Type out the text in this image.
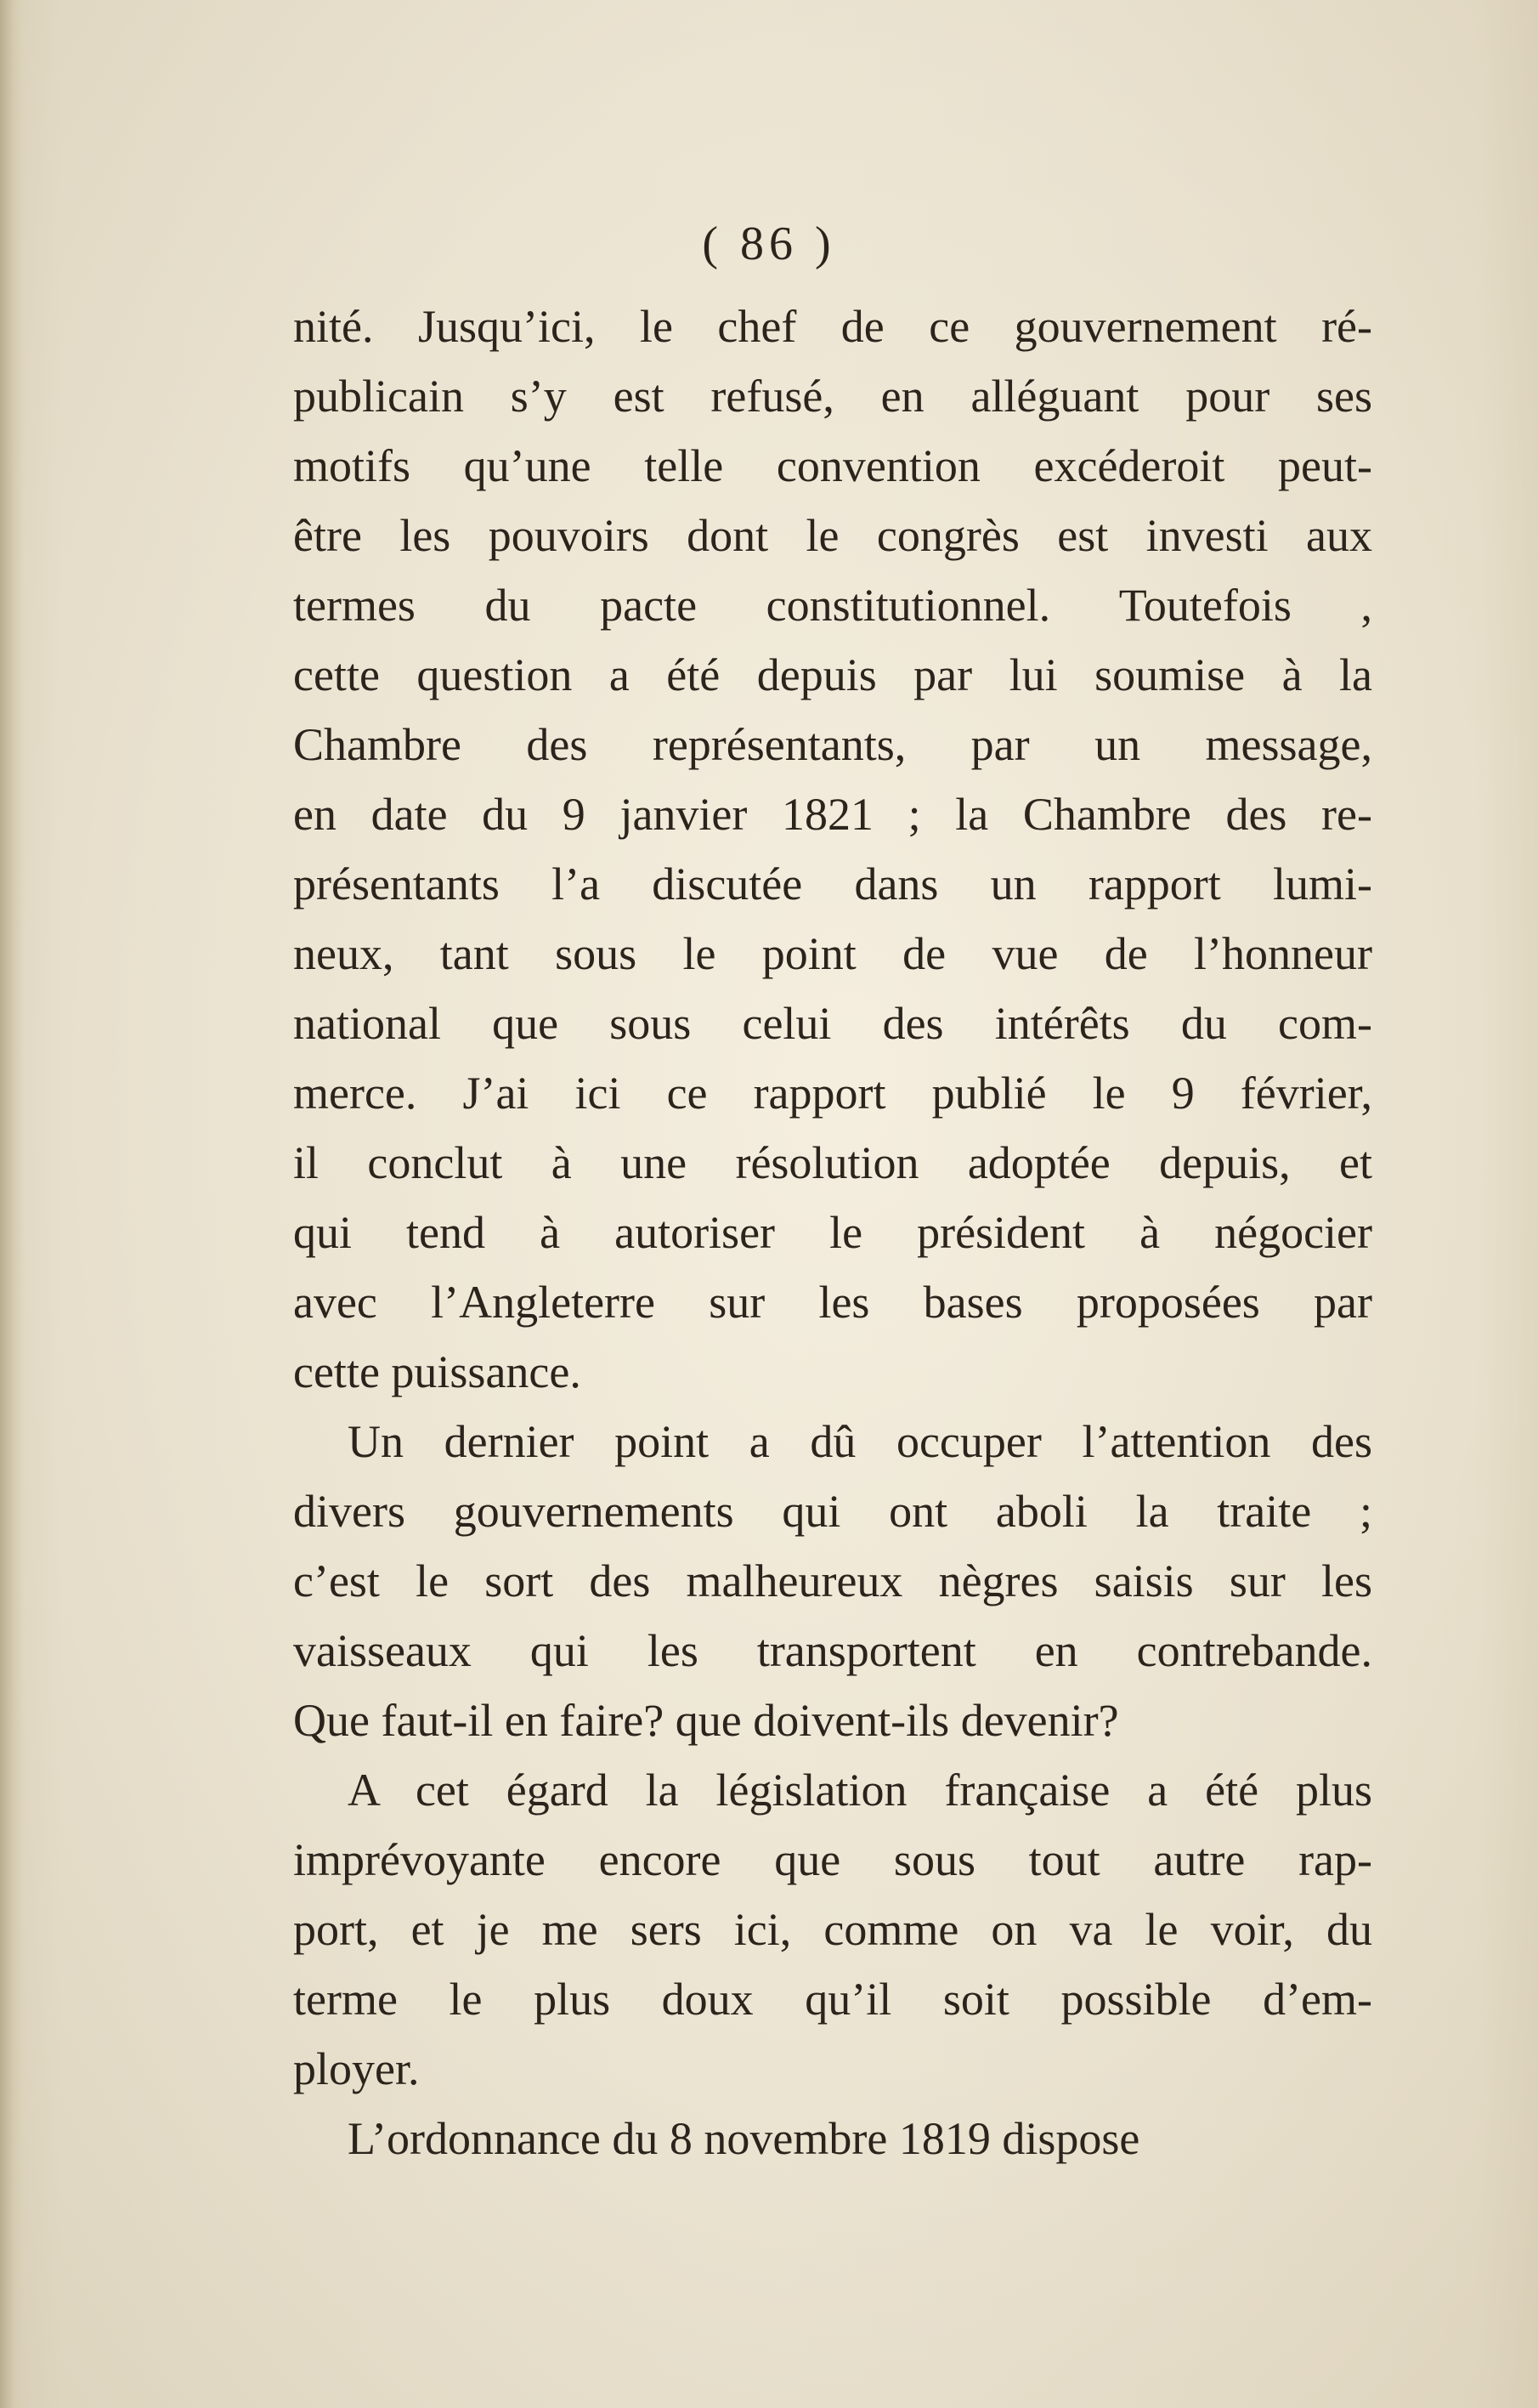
( 86 )
nité. Jusqu’ici, le chef de ce gouvernement ré-
publicain s’y est refusé, en alléguant pour ses
motifs qu’une telle convention excéderoit peut-
être les pouvoirs dont le congrès est investi aux
termes du pacte constitutionnel. Toutefois ,
cette question a été depuis par lui soumise à la
Chambre des représentants, par un message,
en date du 9 janvier 1821 ; la Chambre des re-
présentants l’a discutée dans un rapport lumi-
neux, tant sous le point de vue de l’honneur
national que sous celui des intérêts du com-
merce. J’ai ici ce rapport publié le 9 février,
il conclut à une résolution adoptée depuis, et
qui tend à autoriser le président à négocier
avec l’Angleterre sur les bases proposées par
cette puissance.
Un dernier point a dû occuper l’attention des
divers gouvernements qui ont aboli la traite ;
c’est le sort des malheureux nègres saisis sur les
vaisseaux qui les transportent en contrebande.
Que faut-il en faire? que doivent-ils devenir?
A cet égard la législation française a été plus
imprévoyante encore que sous tout autre rap-
port, et je me sers ici, comme on va le voir, du
terme le plus doux qu’il soit possible d’em-
ployer.
L’ordonnance du 8 novembre 1819 dispose
